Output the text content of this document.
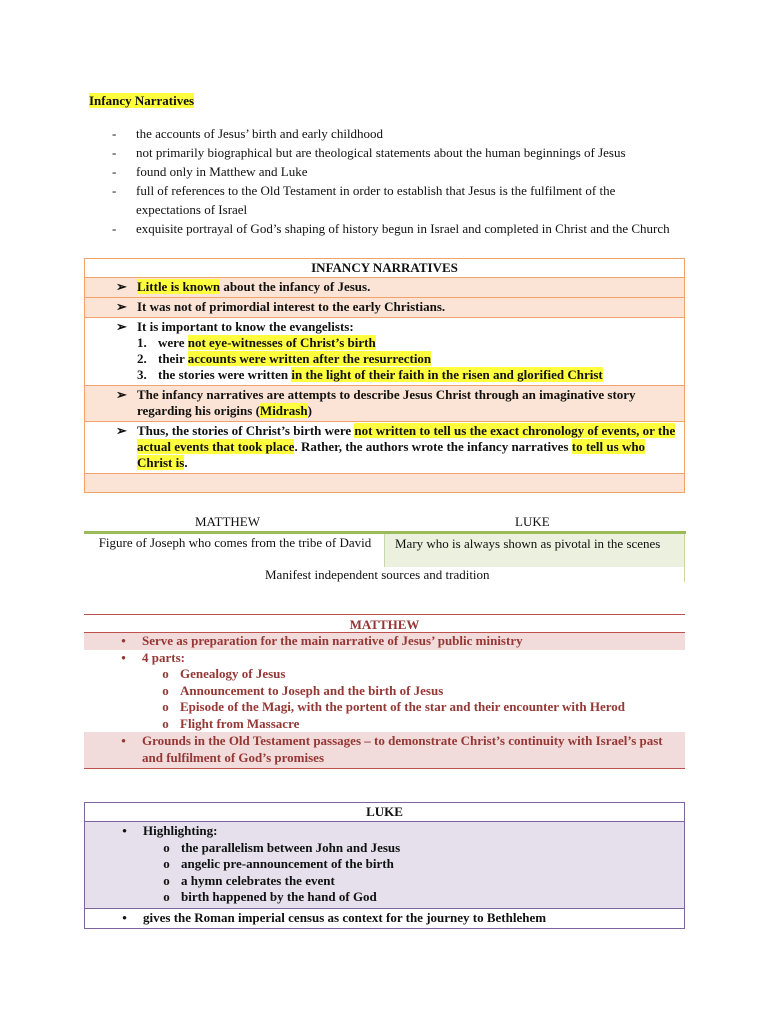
Infancy Narratives
-	the accounts of Jesus’ birth and early childhood
-	not primarily biographical but are theological statements about the human beginnings of Jesus
-	found only in Matthew and Luke
-	full of references to the Old Testament in order to establish that Jesus is the fulfilment of the expectations of Israel
-	exquisite portrayal of God’s shaping of history begun in Israel and completed in Christ and the Church
INFANCY NARRATIVES
➢ Little is known about the infancy of Jesus.
➢ It was not of primordial interest to the early Christians.
➢ It is important to know the evangelists:
1. were not eye-witnesses of Christ’s birth
2. their accounts were written after the resurrection
3. the stories were written in the light of their faith in the risen and glorified Christ
➢ The infancy narratives are attempts to describe Jesus Christ through an imaginative story regarding his origins (Midrash)
➢ Thus, the stories of Christ’s birth were not written to tell us the exact chronology of events, or the actual events that took place. Rather, the authors wrote the infancy narratives to tell us who Christ is.
MATTHEW	LUKE
Figure of Joseph who comes from the tribe of David	Mary who is always shown as pivotal in the scenes
Manifest independent sources and tradition
MATTHEW
•	Serve as preparation for the main narrative of Jesus’ public ministry
•	4 parts:
o Genealogy of Jesus
o Announcement to Joseph and the birth of Jesus
o Episode of the Magi, with the portent of the star and their encounter with Herod
o Flight from Massacre
•	Grounds in the Old Testament passages – to demonstrate Christ’s continuity with Israel’s past and fulfilment of God’s promises
LUKE
•	Highlighting:
o the parallelism between John and Jesus
o angelic pre-announcement of the birth
o a hymn celebrates the event
o birth happened by the hand of God
•	gives the Roman imperial census as context for the journey to Bethlehem
